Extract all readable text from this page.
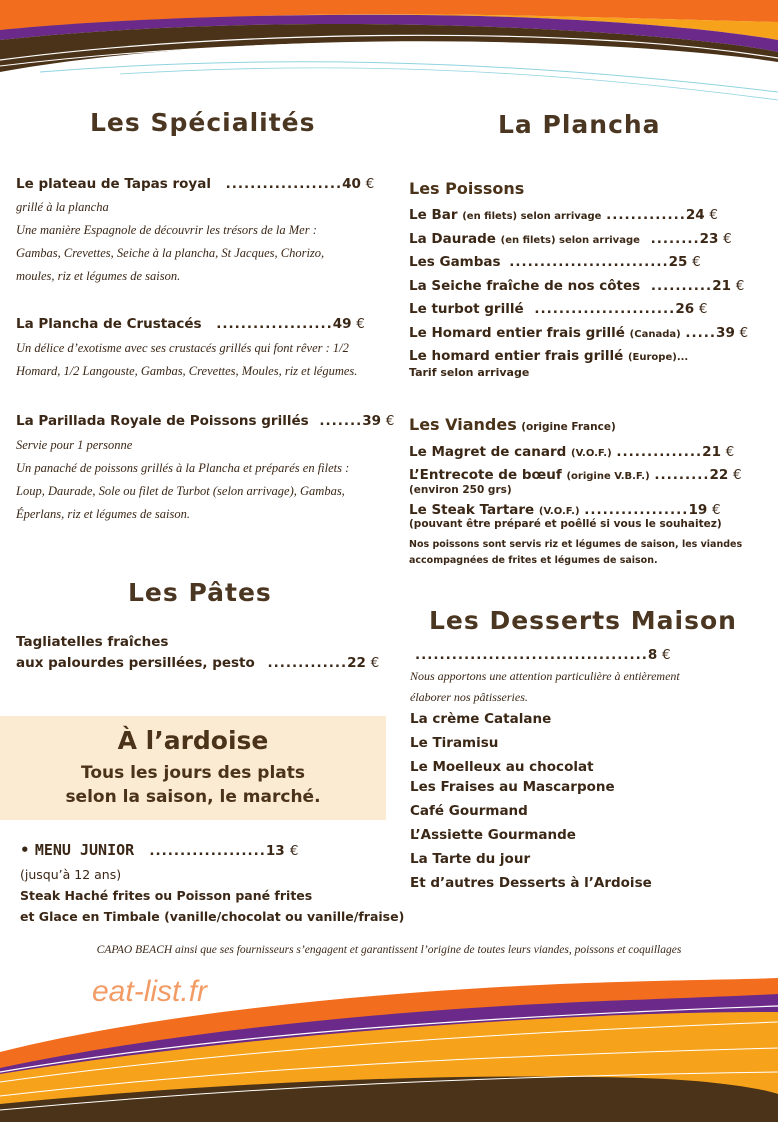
Les Spécialités
Le plateau de Tapas royal ...................40 €
grillé à la plancha
Une manière Espagnole de découvrir les trésors de la Mer :
Gambas, Crevettes, Seiche à la plancha, St Jacques, Chorizo,
moules, riz et légumes de saison.
La Plancha de Crustacés ...................49 €
Un délice d’exotisme avec ses crustacés grillés qui font rêver : 1/2
Homard, 1/2 Langouste, Gambas, Crevettes, Moules, riz et légumes.
La Parillada Royale de Poissons grillés .......39 €
Servie pour 1 personne
Un panaché de poissons grillés à la Plancha et préparés en filets :
Loup, Daurade, Sole ou filet de Turbot (selon arrivage), Gambas,
Éperlans, riz et légumes de saison.
Les Pâtes
Tagliatelles fraîches
aux palourdes persillées, pesto .............22 €
À l’ardoise
Tous les jours des plats
selon la saison, le marché.
• MENU JUNIOR ...................13 €
(jusqu’à 12 ans)
Steak Haché frites ou Poisson pané frites
et Glace en Timbale (vanille/chocolat ou vanille/fraise)
La Plancha
Les Poissons
Le Bar (en filets) selon arrivage .............24 €
La Daurade (en filets) selon arrivage ........23 €
Les Gambas ..........................25 €
La Seiche fraîche de nos côtes ..........21 €
Le turbot grillé .......................26 €
Le Homard entier frais grillé (Canada) .....39 €
Le homard entier frais grillé (Europe)...
Tarif selon arrivage
Les Viandes (origine France)
Le Magret de canard (V.O.F.) ..............21 €
L’Entrecote de bœuf (origine V.B.F.) .........22 €
(environ 250 grs)
Le Steak Tartare (V.O.F.) .................19 €
(pouvant être préparé et poêllé si vous le souhaitez)
Nos poissons sont servis riz et légumes de saison, les viandes
accompagnées de frites et légumes de saison.
Les Desserts Maison
......................................8 €
Nous apportons une attention particulière à entièrement
élaborer nos pâtisseries.
La crème Catalane
Le Tiramisu
Le Moelleux au chocolat
Les Fraises au Mascarpone
Café Gourmand
L’Assiette Gourmande
La Tarte du jour
Et d’autres Desserts à l’Ardoise
CAPAO BEACH ainsi que ses fournisseurs s’engagent et garantissent l’origine de toutes leurs viandes, poissons et coquillages
eat-list.fr
